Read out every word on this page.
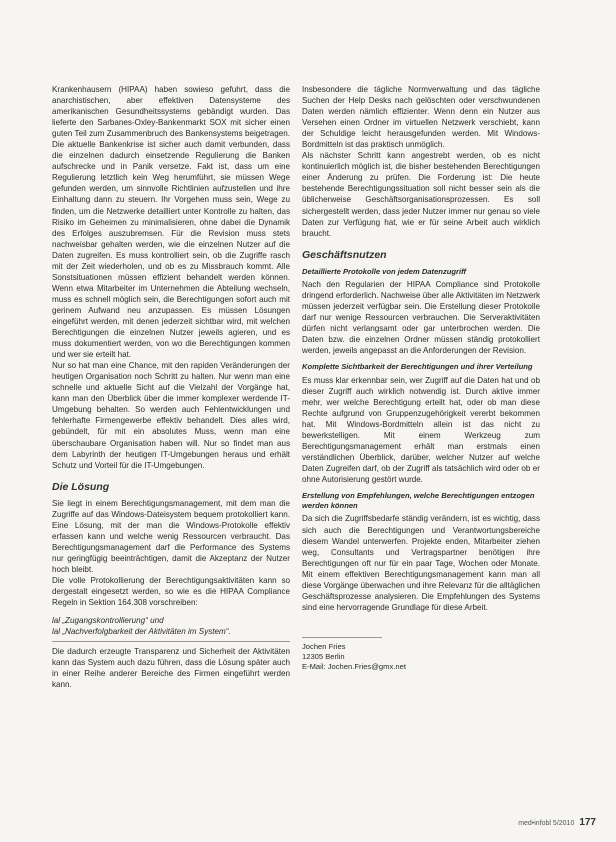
Krankenhausern (HIPAA) haben sowieso gefuhrt, dass die anarchistischen, aber effektiven Datensysteme des amerikanischen Gesundheitssystems gebändigt wurden. Das lieferte den Sarbanes-Oxley-Bankenmarkt SOX mit sicher einen guten Teil zum Zusammenbruch des Bankensystems beigetragen. Die aktuelle Bankenkrise ist sicher auch damit verbunden, dass die einzelnen dadurch einsetzende Regulierung die Banken aufschrecke und in Panik versetze. Fakt ist, dass um eine Regulierung letztlich kein Weg herumführt, sie müssen Wege gefunden werden, um sinnvolle Richtlinien aufzustellen und ihre Einhaltung dann zu steuern. Ihr Vorgehen muss sein, Wege zu finden, um die Netzwerke detailliert unter Kontrolle zu halten, das Risiko im Geheimen zu minimalisieren, ohne dabei die Dynamik des Erfolges auszubremsen. Für die Revision muss stets nachweisbar gehalten werden, wie die einzelnen Nutzer auf die Daten zugreifen. Es muss kontrolliert sein, ob die Zugriffe rasch mit der Zeit wiederholen, und ob es zu Missbrauch kommt. Alle Sonstsituationen müssen effizient behandelt werden können. Wenn etwa Mitarbeiter im Unternehmen die Abteilung wechseln, muss es schnell möglich sein, die Berechtigungen sofort auch mit gerinem Aufwand neu anzupassen. Es müssen Lösungen eingeführt werden, mit denen jederzeit sichtbar wird, mit welchen Berechtigungen die einzelnen Nutzer jeweils agieren, und es muss dokumentiert werden, von wo die Berechtigungen kommen und wer sie erteilt hat.

Nur so hat man eine Chance, mit den rapiden Veränderungen der heutigen Organisation noch Schritt zu halten. Nur wenn man eine schnelle und aktuelle Sicht auf die Vielzahl der Vorgänge hat, kann man den Überblick über die immer komplexer werdende IT-Umgebung behalten. So werden auch Fehlentwicklungen und fehlerhafte Firmengewerbe effektiv behandelt. Dies alles wird, gebündelt, für mit ein absolutes Muss, wenn man eine überschaubare Organisation haben will. Nur so findet man aus dem Labyrinth der heutigen IT-Umgebungen heraus und erhält Schutz und Vorteil für die IT-Umgebungen.

Die Lösung

Sie liegt in einem Berechtigungsmanagement, mit dem man die Zugriffe auf das Windows-Dateisystem bequem protokolliert kann. Eine Lösung, mit der man die Windows-Protokolle effektiv erfassen kann und welche wenig Ressourcen verbraucht. Das Berechtigungsmanagement darf die Performance des Systems nur geringfügig beeinträchtigen, damit die Akzeptanz der Nutzer hoch bleibt.

Die volle Protokollierung der Berechtigungsaktivitäten kann so dergestalt eingesetzt werden, so wie es die HIPAA Compliance Regeln in Sektion 164.308 vorschreiben:

lal „Zugangskontrollierung“ und
lal „Nachverfolgbarkeit der Aktivitäten im System“.

Die dadurch erzeugte Transparenz und Sicherheit der Aktivitäten kann das System auch dazu führen, dass die Lösung später auch in einer Reihe anderer Bereiche des Firmen eingeführt werden kann.

Insbesondere die tägliche Normverwaltung und das tägliche Suchen der Help Desks nach gelöschten oder verschwundenen Daten werden nämlich effizienter. Wenn denn ein Nutzer aus Versehen einen Ordner im virtuellen Netzwerk verschiebt, kann der Schuldige leicht herausgefunden werden. Mit Windows-Bordmitteln ist das praktisch unmöglich.

Als nächster Schritt kann angestrebt werden, ob es nicht kontinuierlich möglich ist, die bisher bestehenden Berechtigungen einer Änderung zu prüfen. Die Forderung ist: Die heute bestehende Berechtigungssituation soll nicht besser sein als die üblicherweise Geschäftsorganisationsprozessen. Es soll sichergestellt werden, dass jeder Nutzer immer nur genau so viele Daten zur Verfügung hat, wie er für seine Arbeit auch wirklich braucht.

Geschäftsnutzen
Detaillierte Protokolle von jedem Datenzugriff

Nach den Regularien der HIPAA Compliance sind Protokolle dringend erforderlich. Nachweise über alle Aktivitäten im Netzwerk müssen jederzeit verfügbar sein. Die Erstellung dieser Protokolle darf nur wenige Ressourcen verbrauchen. Die Serveraktivitäten dürfen nicht verlangsamt oder gar unterbrochen werden. Die Daten bzw. die einzelnen Ordner müssen ständig protokolliert werden, jeweils angepasst an die Anforderungen der Revision.

Komplette Sichtbarkeit der Berechtigungen und ihrer Verteilung

Es muss klar erkennbar sein, wer Zugriff auf die Daten hat und ob dieser Zugriff auch wirklich notwendig ist. Durch aktive immer mehr, wer welche Berechtigung erteilt hat, oder ob man diese Rechte aufgrund von Gruppenzugehörigkeit vererbt bekommen hat. Mit Windows-Bordmitteln allein ist das nicht zu bewerkstelligen. Mit einem Werkzeug zum Berechtigungsmanagement erhält man erstmals einen verständlichen Überblick, darüber, welcher Nutzer auf welche Daten Zugreifen darf, ob der Zugriff als tatsächlich wird oder ob er ohne Autorisierung gestört wurde.

Erstellung von Empfehlungen, welche Berechtigungen entzogen werden können

Da sich die Zugriffsbedarfe ständig verändern, ist es wichtig, dass sich auch die Berechtigungen und Verantwortungsbereiche diesem Wandel unterwerfen. Projekte enden, Mitarbeiter ziehen weg, Consultants und Vertragspartner benötigen ihre Berechtigungen oft nur für ein paar Tage, Wochen oder Monate. Mit einem effektiven Berechtigungsmanagement kann man all diese Vorgänge überwachen und ihre Relevanz für die alltäglichen Geschäftsprozesse analysieren. Die Empfehlungen des Systems sind eine hervorragende Grundlage für diese Arbeit.

Jochen Fries
12305 Berlin
E-Mail: Jochen.Fries@gmx.net
med•infobl 5/2010 177
